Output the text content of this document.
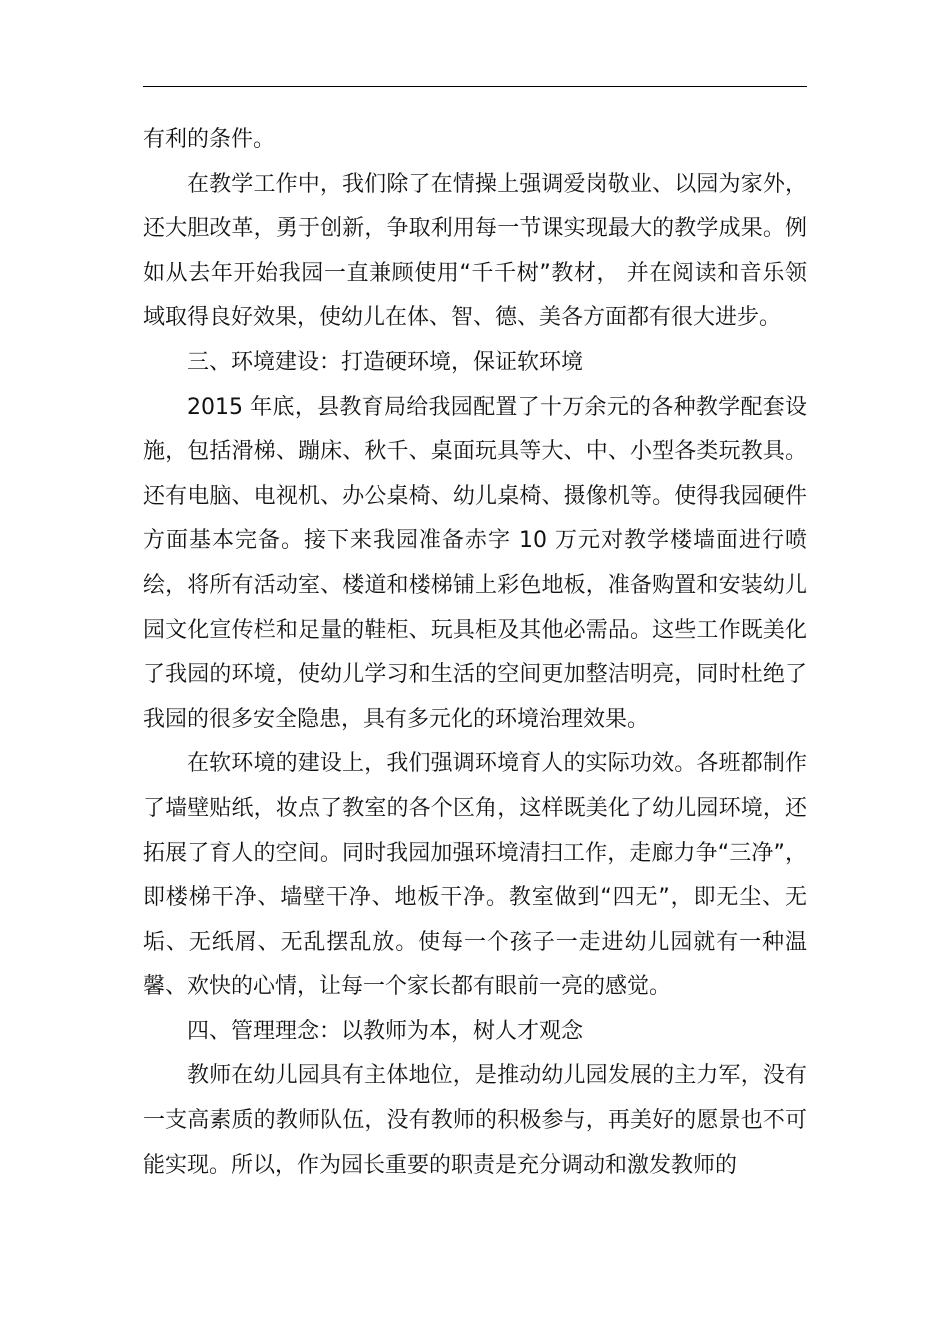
有利的条件。

在教学工作中，我们除了在情操上强调爱岗敬业、以园为家外，还大胆改革，勇于创新，争取利用每一节课实现最大的教学成果。例如从去年开始我园一直兼顾使用“千千树”教材， 并在阅读和音乐领域取得良好效果，使幼儿在体、智、德、美各方面都有很大进步。

三、环境建设：打造硬环境，保证软环境

2015 年底，县教育局给我园配置了十万余元的各种教学配套设施，包括滑梯、蹦床、秋千、桌面玩具等大、中、小型各类玩教具。还有电脑、电视机、办公桌椅、幼儿桌椅、摄像机等。使得我园硬件方面基本完备。接下来我园准备赤字 10 万元对教学楼墙面进行喷绘，将所有活动室、楼道和楼梯铺上彩色地板，准备购置和安装幼儿园文化宣传栏和足量的鞋柜、玩具柜及其他必需品。这些工作既美化了我园的环境，使幼儿学习和生活的空间更加整洁明亮，同时杜绝了我园的很多安全隐患，具有多元化的环境治理效果。

在软环境的建设上，我们强调环境育人的实际功效。各班都制作了墙壁贴纸，妆点了教室的各个区角，这样既美化了幼儿园环境，还拓展了育人的空间。同时我园加强环境清扫工作，走廊力争“三净”，即楼梯干净、墙壁干净、地板干净。教室做到“四无”，即无尘、无垢、无纸屑、无乱摆乱放。使每一个孩子一走进幼儿园就有一种温馨、欢快的心情，让每一个家长都有眼前一亮的感觉。

四、管理理念：以教师为本，树人才观念

教师在幼儿园具有主体地位，是推动幼儿园发展的主力军，没有一支高素质的教师队伍，没有教师的积极参与，再美好的愿景也不可能实现。所以，作为园长重要的职责是充分调动和激发教师的
